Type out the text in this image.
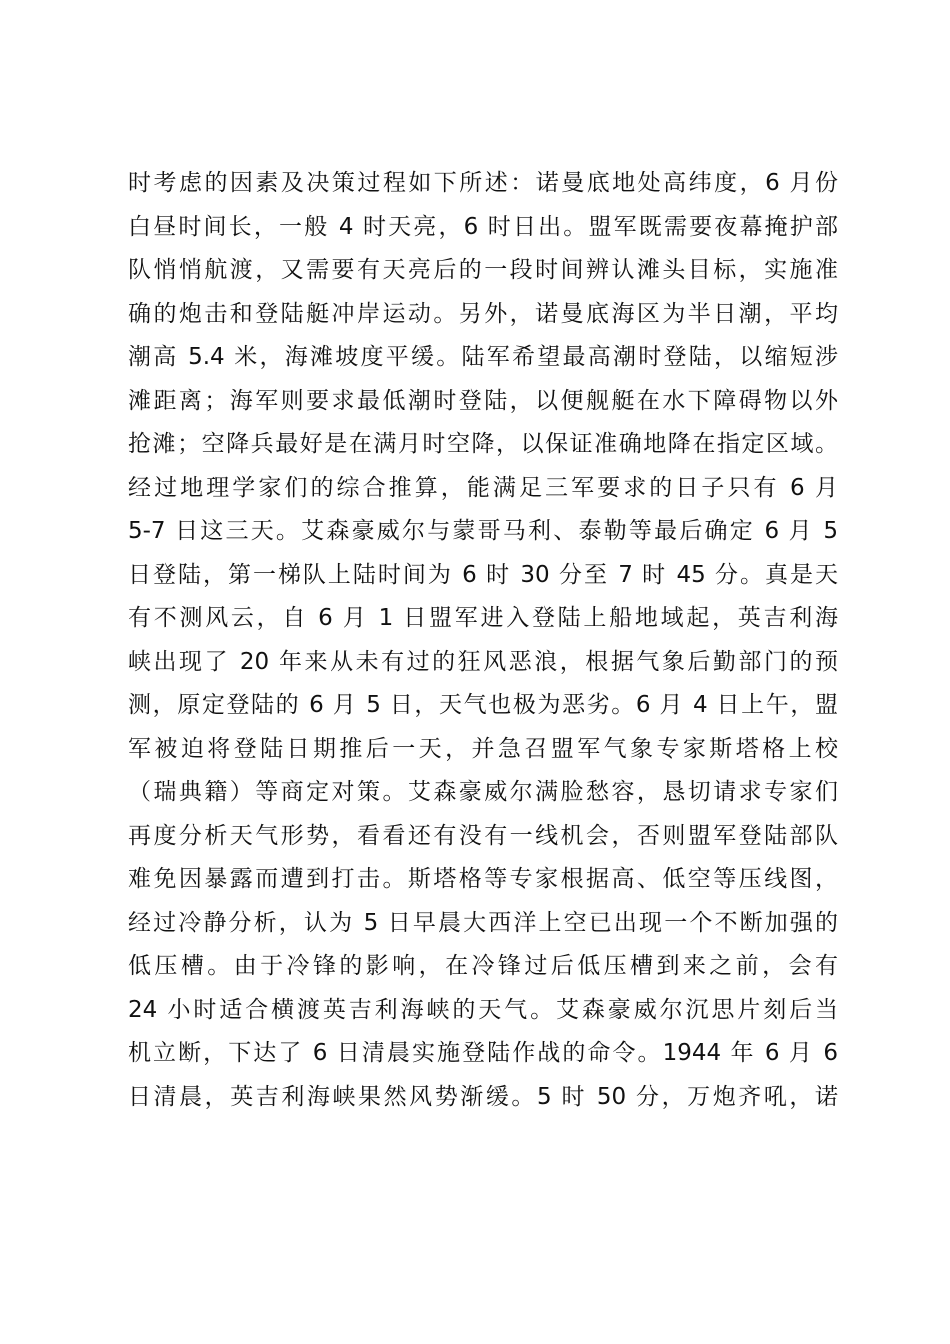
时考虑的因素及决策过程如下所述：诺曼底地处高纬度，6 月份
白昼时间长，一般 4 时天亮，6 时日出。盟军既需要夜幕掩护部
队悄悄航渡，又需要有天亮后的一段时间辨认滩头目标，实施准
确的炮击和登陆艇冲岸运动。另外，诺曼底海区为半日潮，平均
潮高 5.4 米，海滩坡度平缓。陆军希望最高潮时登陆，以缩短涉
滩距离；海军则要求最低潮时登陆，以便舰艇在水下障碍物以外
抢滩；空降兵最好是在满月时空降，以保证准确地降在指定区域。
经过地理学家们的综合推算，能满足三军要求的日子只有 6 月
5-7 日这三天。艾森豪威尔与蒙哥马利、泰勒等最后确定 6 月 5
日登陆，第一梯队上陆时间为 6 时 30 分至 7 时 45 分。真是天
有不测风云，自 6 月 1 日盟军进入登陆上船地域起，英吉利海
峡出现了 20 年来从未有过的狂风恶浪，根据气象后勤部门的预
测，原定登陆的 6 月 5 日，天气也极为恶劣。6 月 4 日上午，盟
军被迫将登陆日期推后一天，并急召盟军气象专家斯塔格上校
（瑞典籍）等商定对策。艾森豪威尔满脸愁容，恳切请求专家们
再度分析天气形势，看看还有没有一线机会，否则盟军登陆部队
难免因暴露而遭到打击。斯塔格等专家根据高、低空等压线图，
经过冷静分析，认为 5 日早晨大西洋上空已出现一个不断加强的
低压槽。由于冷锋的影响，在冷锋过后低压槽到来之前，会有
24 小时适合横渡英吉利海峡的天气。艾森豪威尔沉思片刻后当
机立断，下达了 6 日清晨实施登陆作战的命令。1944 年 6 月 6
日清晨，英吉利海峡果然风势渐缓。5 时 50 分，万炮齐吼，诺
